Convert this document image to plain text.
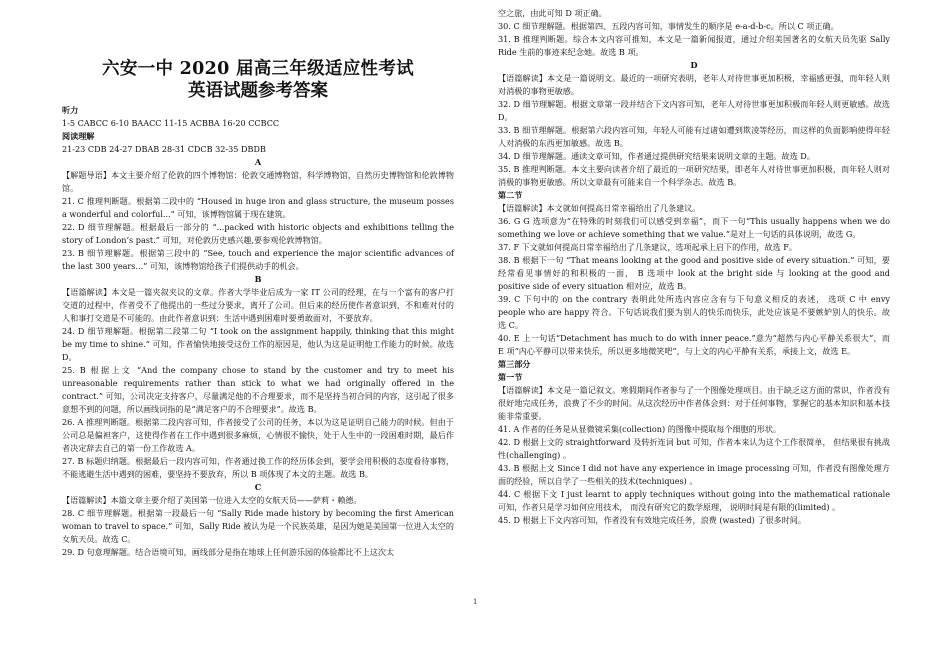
六安一中 2020 届高三年级适应性考试
英语试题参考答案
听力
1-5 CABCC 6-10 BAACC 11-15 ACBBA 16-20 CCBCC
阅读理解
21-23 CDB 24-27 DBAB 28-31 CDCB 32-35 DBDB
A
【解题导语】本文主要介绍了伦敦的四个博物馆：伦敦交通博物馆，科学博物馆，自然历史博物馆和伦敦博物馆。
21. C 推理判断题。根据第二段中的 “Housed in huge iron and glass structure, the museum posses a wonderful and colorful...” 可知，该博物馆属于现在建筑。
22. D 细节理解题。根据最后一部分的 “...packed with historic objects and exhibitions telling the story of London’s past.” 可知，对伦敦历史感兴趣,要参观伦敦博物馆。
23. B 细节理解题。根据第三段中的 “See, touch and experience the major scientific advances of the last 300 years...” 可知，该博物馆给孩子们提供动手的机会。
B
【语篇解读】本文是一篇夹叙夹议的文章。作者大学毕业后成为一家 IT 公司的经理，在与一个富有的客户打交道的过程中，作者受不了他提出的一些过分要求，离开了公司。但后来的经历使作者意识到，不和难对付的人和事打交道是不可能的。由此作者意识到：生活中遇到困难时要勇敢面对，不要放弃。
24. D 细节理解题。根据第二段第二句 “I took on the assignment happily, thinking that this might be my time to shine.” 可知，作者愉快地接受这份工作的原因是，他认为这是证明他工作能力的时候。故选 D。
25. B 根据上文 “And the company chose to stand by the customer and try to meet his unreasonable requirements rather than stick to what we had originally offered in the contract.” 可知，公司决定支持客户，尽量满足他的不合理要求，而不是坚持当初合同的内容，这引起了很多意想不到的问题，所以画线词指的是“满足客户的不合理要求”。故选 B。
26. A 推理判断题。根据第二段内容可知，作者接受了公司的任务，本以为这是证明自己能力的时候。但由于公司总是偏袒客户，这使得作者在工作中遇到很多麻烦，心情很不愉快，处于人生中的一段困难时期，最后作者决定辞去自己的第一份工作故选 A。
27. B 标题归纳题。根据最后一段内容可知，作者通过换工作的经历体会到，要学会用积极的态度看待事物，不能逃避生活中遇到的困难，要坚持不要放弃，所以 B 项体现了本文的主题。故选 B。
C
【语篇解读】本篇文章主要介绍了美国第一位进入太空的女航天员——萨莉・赖德。
28. C 细节理解题。根据第一段最后一句 “Sally Ride made history by becoming the first American woman to travel to space.” 可知，Sally Ride 被认为是一个民族英雄，是因为她是美国第一位进入太空的女航天员。故选 C。
29. D 句意理解题。结合语境可知，画线部分是指在地球上任何游乐园的体验都比不上这次太
空之旅，由此可知 D 项正确。
30. C 细节理解题。根据第四、五段内容可知，事情发生的顺序是 e-a-d-b-c。所以 C 项正确。
31. B 推理判断题。综合本文内容可推知，本文是一篇新闻报道，通过介绍美国著名的女航天员先驱 Sally Ride 生前的事迹来纪念她。故选 B 项。
D
【语篇解读】本文是一篇说明文。最近的一项研究表明，老年人对待世事更加积极，幸福感更强，而年轻人则对消极的事物更敏感。
32. D 细节理解题。根据文章第一段并结合下文内容可知，老年人对待世事更加积极而年轻人则更敏感。故选 D。
33. B 细节理解题。根据第六段内容可知，年轻人可能有过诸如遭到欺凌等经历，而这样的负面影响使得年轻人对消极的东西更加敏感。故选 B。
34. D 细节理解题。通读文章可知，作者通过提供研究结果来说明文章的主题。故选 D。
35. B 推理判断题。本文主要向读者介绍了最近的一项研究结果，即老年人对待世事更加积极，而年轻人则对消极的事物更敏感。所以文章最有可能来自一个科学杂志。故选 B。
第二节
【语篇解读】本文就如何提高日常幸福给出了几条建议。
36. G G 选项意为“在特殊的时刻我们可以感受到幸福”，而下一句“This usually happens when we do something we love or achieve something that we value.”是对上一句话的具体说明，故选 G。
37. F 下文就如何提高日常幸福给出了几条建议，选项起承上启下的作用，故选 F。
38. B 根据下一句 “That means looking at the good and positive side of every situation.” 可知，要经常看见事情好的和积极的一面， B 选项中 look at the bright side 与 looking at the good and positive side of every situation 相对应，故选 B。
39. C 下句中的 on the contrary 表明此处所选内容应含有与下句意义相反的表述， 选项 C 中 envy people who are happy 符合。下句话说我们要为别人的快乐而快乐，此处应该是不要嫉妒别人的快乐。故选 C。
40. E 上一句话“Detachment has much to do with inner peace.”意为“超然与内心平静关系很大”，而 E 项“内心平静可以带来快乐，所以更多地微笑吧”，与上文的内心平静有关系，承接上文，故选 E。
第三部分
第一节
【语篇解读】本文是一篇记叙文。寒假期间作者参与了一个图像处理项目。由于缺乏这方面的常识，作者没有很好地完成任务，浪费了不少的时间。从这次经历中作者体会到：对于任何事物，掌握它的基本知识和基本技能非常重要。
41. A 作者的任务是从显微镜采集(collection) 的图像中提取每个细胞的形状。
42. D 根据上文的 straightforward 及转折连词 but 可知，作者本来认为这个工作很简单， 但结果很有挑战性(challenging) 。
43. B 根据上文 Since I did not have any experience in image processing 可知，作者没有图像处理方面的经验，所以自学了一些相关的技术(techniques) 。
44. C 根据下文 I just learnt to apply techniques without going into the mathematical rationale 可知，作者只是学习如何应用技术， 而没有研究它的数学原理， 说明时间是有限的(limited) 。
45. D 根据上下文内容可知，作者没有有效地完成任务，浪费 (wasted) 了很多时间。
1
